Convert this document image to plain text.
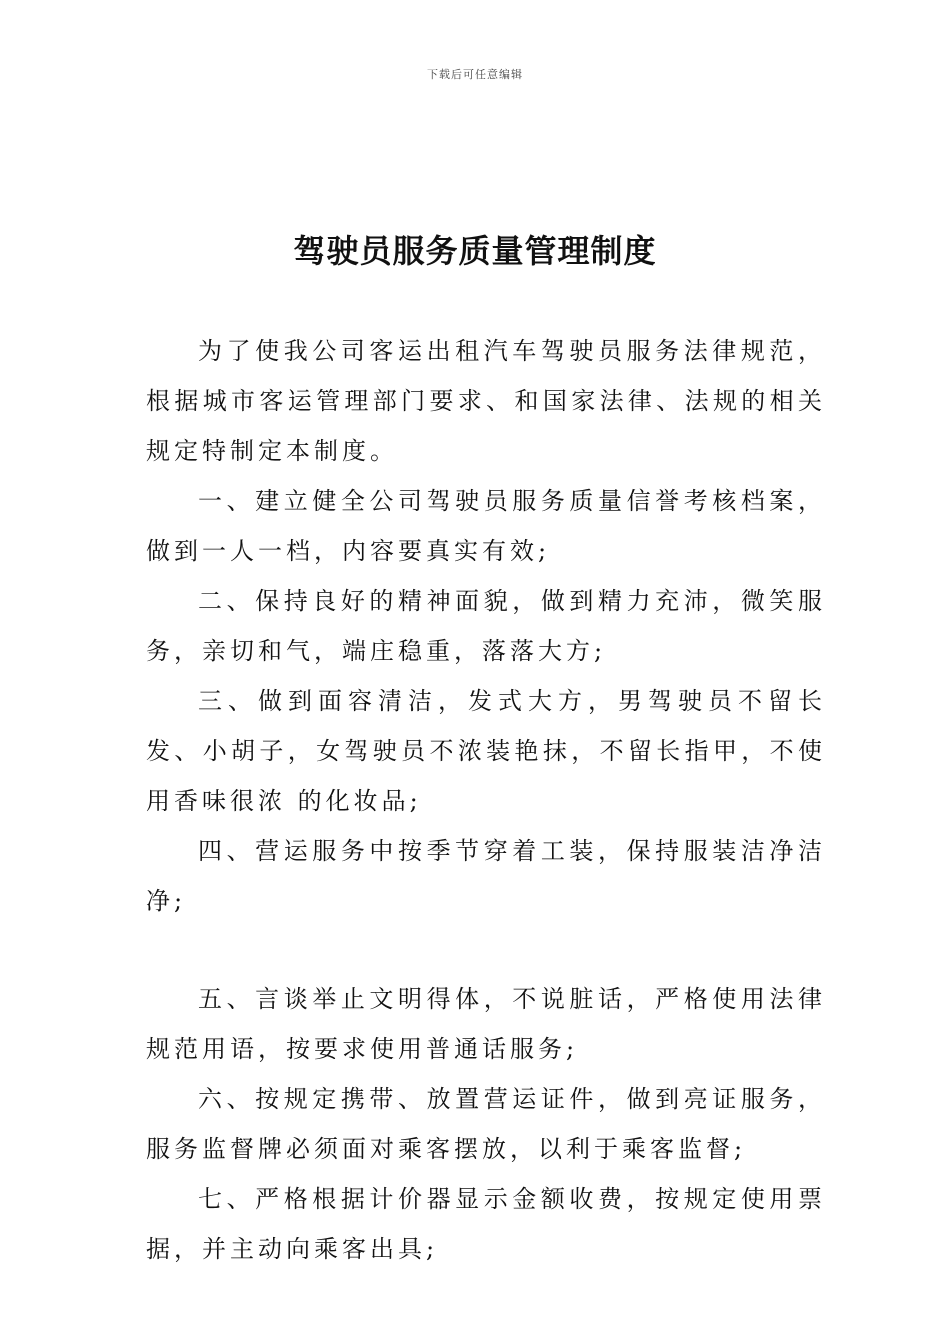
下载后可任意编辑
驾驶员服务质量管理制度

为了使我公司客运出租汽车驾驶员服务法律规范，根据城市客运管理部门要求、和国家法律、法规的相关规定特制定本制度。

一、建立健全公司驾驶员服务质量信誉考核档案，做到一人一档，内容要真实有效;

二、保持良好的精神面貌，做到精力充沛，微笑服务，亲切和气，端庄稳重，落落大方;

三、做到面容清洁，发式大方，男驾驶员不留长发、小胡子，女驾驶员不浓装艳抹，不留长指甲，不使用香味很浓 的化妆品;

四、营运服务中按季节穿着工装，保持服装洁净洁净;

五、言谈举止文明得体，不说脏话，严格使用法律规范用语，按要求使用普通话服务;

六、按规定携带、放置营运证件，做到亮证服务，服务监督牌必须面对乘客摆放，以利于乘客监督;

七、严格根据计价器显示金额收费，按规定使用票据，并主动向乘客出具;
